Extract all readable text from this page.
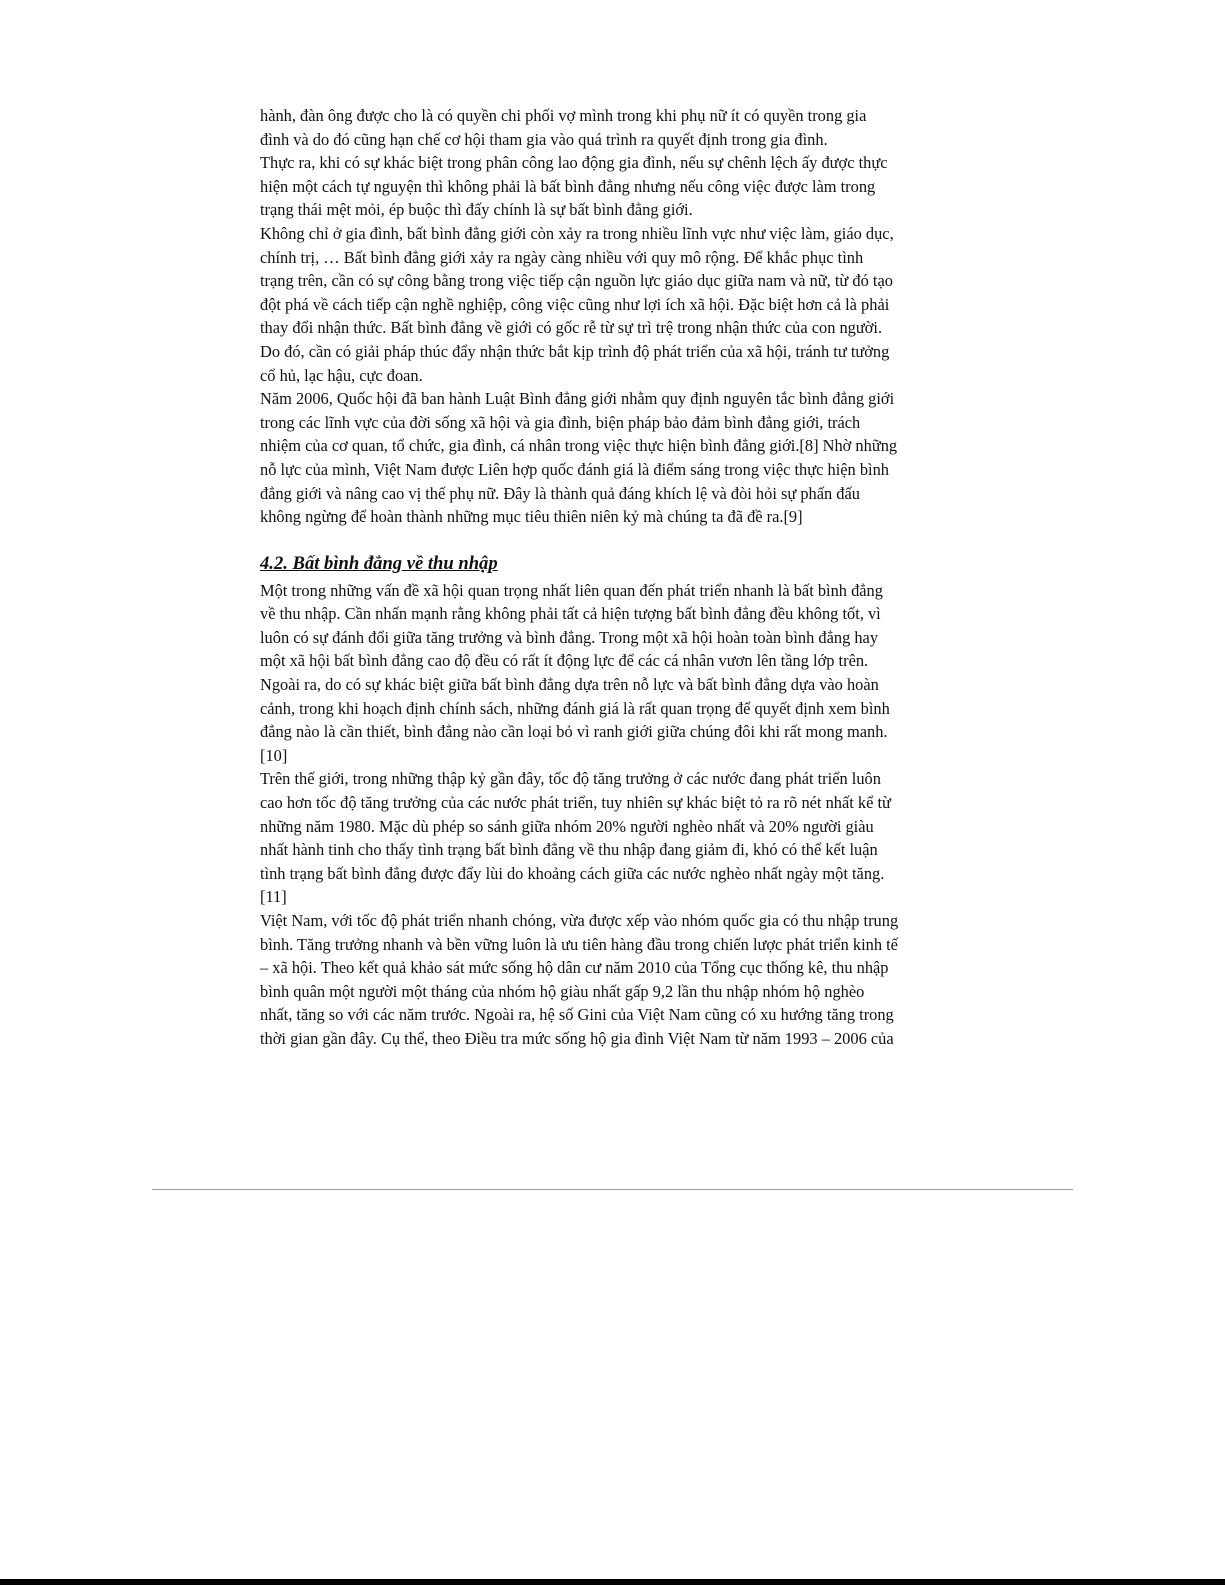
hành, đàn ông được cho là có quyền chi phối vợ mình trong khi phụ nữ ít có quyền trong gia
đình và do đó cũng hạn chế cơ hội tham gia vào quá trình ra quyết định trong gia đình.
Thực ra, khi có sự khác biệt trong phân công lao động gia đình, nếu sự chênh lệch ấy được thực
hiện một cách tự nguyện thì không phải là bất bình đẳng nhưng nếu công việc được làm trong
trạng thái mệt mỏi, ép buộc thì đấy chính là sự bất bình đẳng giới.
Không chỉ ở gia đình, bất bình đẳng giới còn xảy ra trong nhiều lĩnh vực như việc làm, giáo dục,
chính trị, … Bất bình đẳng giới xảy ra ngày càng nhiều với quy mô rộng. Để khắc phục tình
trạng trên, cần có sự công bằng trong việc tiếp cận nguồn lực giáo dục giữa nam và nữ, từ đó tạo
đột phá về cách tiếp cận nghề nghiệp, công việc cũng như lợi ích xã hội. Đặc biệt hơn cả là phải
thay đổi nhận thức. Bất bình đẳng về giới có gốc rễ từ sự trì trệ trong nhận thức của con người.
Do đó, cần có giải pháp thúc đẩy nhận thức bắt kịp trình độ phát triển của xã hội, tránh tư tưởng
cổ hủ, lạc hậu, cực đoan.
Năm 2006, Quốc hội đã ban hành Luật Bình đẳng giới nhằm quy định nguyên tắc bình đẳng giới
trong các lĩnh vực của đời sống xã hội và gia đình, biện pháp bảo đảm bình đẳng giới, trách
nhiệm của cơ quan, tổ chức, gia đình, cá nhân trong việc thực hiện bình đẳng giới.[8] Nhờ những
nỗ lực của mình, Việt Nam được Liên hợp quốc đánh giá là điểm sáng trong việc thực hiện bình
đẳng giới và nâng cao vị thế phụ nữ. Đây là thành quả đáng khích lệ và đòi hỏi sự phấn đấu
không ngừng để hoàn thành những mục tiêu thiên niên kỷ mà chúng ta đã đề ra.[9]
4.2. Bất bình đẳng về thu nhập
Một trong những vấn đề xã hội quan trọng nhất liên quan đến phát triển nhanh là bất bình đẳng
về thu nhập. Cần nhấn mạnh rằng không phải tất cả hiện tượng bất bình đẳng đều không tốt, vì
luôn có sự đánh đổi giữa tăng trưởng và bình đẳng. Trong một xã hội hoàn toàn bình đẳng hay
một xã hội bất bình đẳng cao độ đều có rất ít động lực để các cá nhân vươn lên tầng lớp trên.
Ngoài ra, do có sự khác biệt giữa bất bình đẳng dựa trên nỗ lực và bất bình đẳng dựa vào hoàn
cảnh, trong khi hoạch định chính sách, những đánh giá là rất quan trọng để quyết định xem bình
đẳng nào là cần thiết, bình đẳng nào cần loại bỏ vì ranh giới giữa chúng đôi khi rất mong manh.
[10]
Trên thế giới, trong những thập kỷ gần đây, tốc độ tăng trưởng ở các nước đang phát triển luôn
cao hơn tốc độ tăng trưởng của các nước phát triển, tuy nhiên sự khác biệt tỏ ra rõ nét nhất kể từ
những năm 1980. Mặc dù phép so sánh giữa nhóm 20% người nghèo nhất và 20% người giàu
nhất hành tinh cho thấy tình trạng bất bình đẳng về thu nhập đang giảm đi, khó có thể kết luận
tình trạng bất bình đẳng được đẩy lùi do khoảng cách giữa các nước nghèo nhất ngày một tăng.
[11]
Việt Nam, với tốc độ phát triển nhanh chóng, vừa được xếp vào nhóm quốc gia có thu nhập trung
bình. Tăng trưởng nhanh và bền vững luôn là ưu tiên hàng đầu trong chiến lược phát triển kinh tế
– xã hội. Theo kết quả khảo sát mức sống hộ dân cư năm 2010 của Tổng cục thống kê, thu nhập
bình quân một người một tháng của nhóm hộ giàu nhất gấp 9,2 lần thu nhập nhóm hộ nghèo
nhất, tăng so với các năm trước. Ngoài ra, hệ số Gini của Việt Nam cũng có xu hướng tăng trong
thời gian gần đây. Cụ thể, theo Điều tra mức sống hộ gia đình Việt Nam từ năm 1993 – 2006 của
